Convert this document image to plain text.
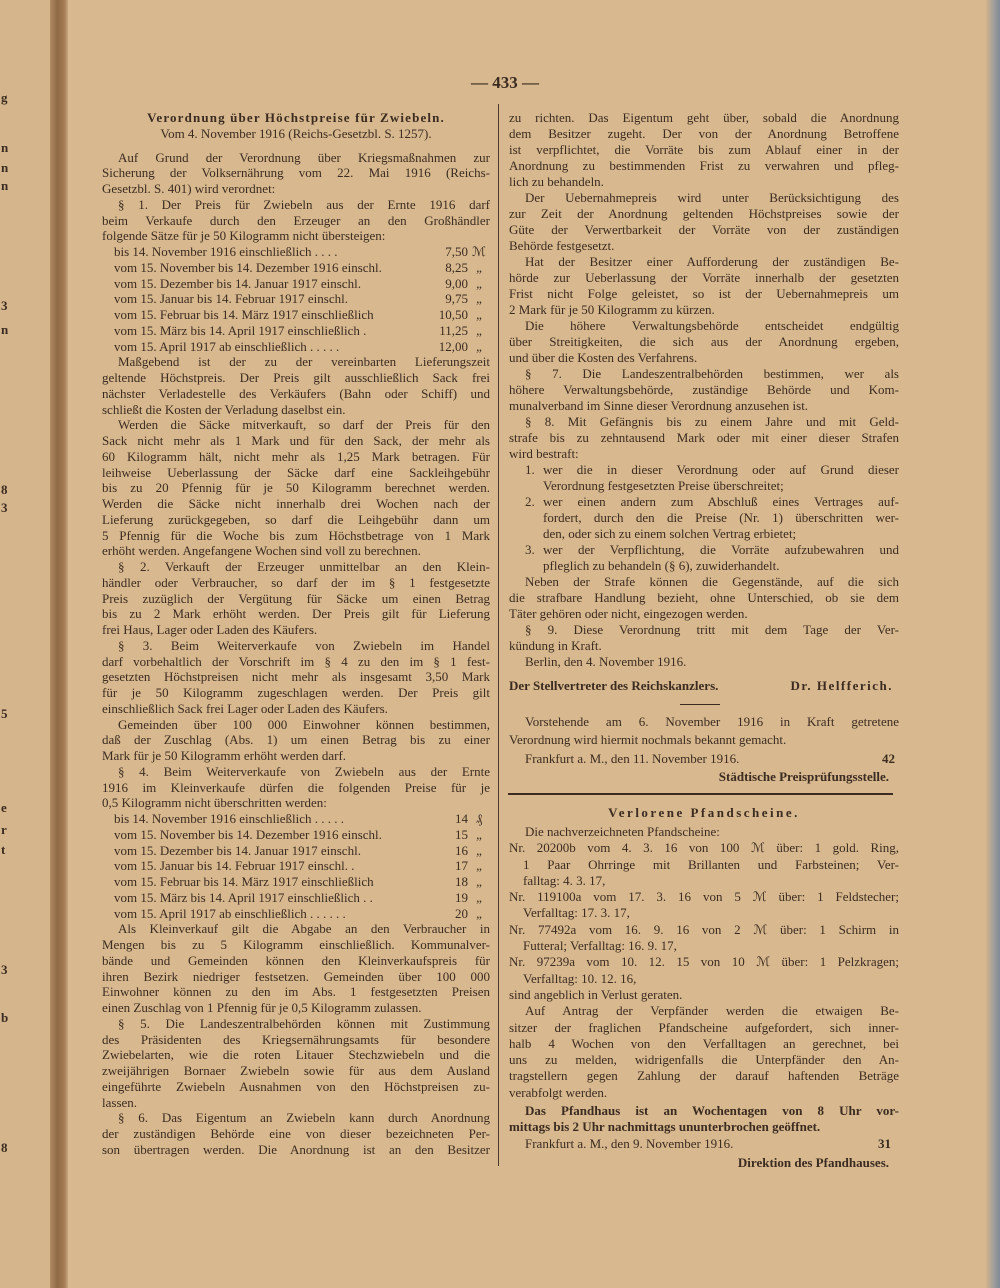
g
n
n
n
3
n
8
3
5
e
r
t
3
b
8
— 433 —
Verordnung über Höchstpreise für Zwiebeln.
Vom 4. November 1916 (Reichs-Gesetzbl. S. 1257).
Auf Grund der Verordnung über Kriegsmaßnahmen zur
Sicherung der Volksernährung vom 22. Mai 1916 (Reichs-
Gesetzbl. S. 401) wird verordnet:
§ 1. Der Preis für Zwiebeln aus der Ernte 1916 darf
beim Verkaufe durch den Erzeuger an den Großhändler
folgende Sätze für je 50 Kilogramm nicht übersteigen:
bis 14. November 1916 einschließlich . . . .	7,50 ℳ
vom 15. November bis 14. Dezember 1916 einschl.	8,25 „
vom 15. Dezember bis 14. Januar 1917 einschl.	9,00 „
vom 15. Januar bis 14. Februar 1917 einschl.	9,75 „
vom 15. Februar bis 14. März 1917 einschließlich	10,50 „
vom 15. März bis 14. April 1917 einschließlich .	11,25 „
vom 15. April 1917 ab einschließlich . . . . .	12,00 „
Maßgebend ist der zu der vereinbarten Lieferungszeit
geltende Höchstpreis. Der Preis gilt ausschließlich Sack frei
nächster Verladestelle des Verkäufers (Bahn oder Schiff) und
schließt die Kosten der Verladung daselbst ein.
Werden die Säcke mitverkauft, so darf der Preis für den
Sack nicht mehr als 1 Mark und für den Sack, der mehr als
60 Kilogramm hält, nicht mehr als 1,25 Mark betragen. Für
leihweise Ueberlassung der Säcke darf eine Sackleihgebühr
bis zu 20 Pfennig für je 50 Kilogramm berechnet werden.
Werden die Säcke nicht innerhalb drei Wochen nach der
Lieferung zurückgegeben, so darf die Leihgebühr dann um
5 Pfennig für die Woche bis zum Höchstbetrage von 1 Mark
erhöht werden. Angefangene Wochen sind voll zu berechnen.
§ 2. Verkauft der Erzeuger unmittelbar an den Klein-
händler oder Verbraucher, so darf der im § 1 festgesetzte
Preis zuzüglich der Vergütung für Säcke um einen Betrag
bis zu 2 Mark erhöht werden. Der Preis gilt für Lieferung
frei Haus, Lager oder Laden des Käufers.
§ 3. Beim Weiterverkaufe von Zwiebeln im Handel
darf vorbehaltlich der Vorschrift im § 4 zu den im § 1 fest-
gesetzten Höchstpreisen nicht mehr als insgesamt 3,50 Mark
für je 50 Kilogramm zugeschlagen werden. Der Preis gilt
einschließlich Sack frei Lager oder Laden des Käufers.
Gemeinden über 100 000 Einwohner können bestimmen,
daß der Zuschlag (Abs. 1) um einen Betrag bis zu einer
Mark für je 50 Kilogramm erhöht werden darf.
§ 4. Beim Weiterverkaufe von Zwiebeln aus der Ernte
1916 im Kleinverkaufe dürfen die folgenden Preise für je
0,5 Kilogramm nicht überschritten werden:
bis 14. November 1916 einschließlich . . . . .	14 ₰
vom 15. November bis 14. Dezember 1916 einschl.	15 „
vom 15. Dezember bis 14. Januar 1917 einschl.	16 „
vom 15. Januar bis 14. Februar 1917 einschl. .	17 „
vom 15. Februar bis 14. März 1917 einschließlich	18 „
vom 15. März bis 14. April 1917 einschließlich . .	19 „
vom 15. April 1917 ab einschließlich . . . . . .	20 „
Als Kleinverkauf gilt die Abgabe an den Verbraucher in
Mengen bis zu 5 Kilogramm einschließlich. Kommunalver-
bände und Gemeinden können den Kleinverkaufspreis für
ihren Bezirk niedriger festsetzen. Gemeinden über 100 000
Einwohner können zu den im Abs. 1 festgesetzten Preisen
einen Zuschlag von 1 Pfennig für je 0,5 Kilogramm zulassen.
§ 5. Die Landeszentralbehörden können mit Zustimmung
des Präsidenten des Kriegsernährungsamts für besondere
Zwiebelarten, wie die roten Litauer Stechzwiebeln und die
zweijährigen Bornaer Zwiebeln sowie für aus dem Ausland
eingeführte Zwiebeln Ausnahmen von den Höchstpreisen zu-
lassen.
§ 6. Das Eigentum an Zwiebeln kann durch Anordnung
der zuständigen Behörde eine von dieser bezeichneten Per-
son übertragen werden. Die Anordnung ist an den Besitzer
zu richten. Das Eigentum geht über, sobald die Anordnung
dem Besitzer zugeht. Der von der Anordnung Betroffene
ist verpflichtet, die Vorräte bis zum Ablauf einer in der
Anordnung zu bestimmenden Frist zu verwahren und pfleg-
lich zu behandeln.
Der Uebernahmepreis wird unter Berücksichtigung des
zur Zeit der Anordnung geltenden Höchstpreises sowie der
Güte der Verwertbarkeit der Vorräte von der zuständigen
Behörde festgesetzt.
Hat der Besitzer einer Aufforderung der zuständigen Be-
hörde zur Ueberlassung der Vorräte innerhalb der gesetzten
Frist nicht Folge geleistet, so ist der Uebernahmepreis um
2 Mark für je 50 Kilogramm zu kürzen.
Die höhere Verwaltungsbehörde entscheidet endgültig
über Streitigkeiten, die sich aus der Anordnung ergeben,
und über die Kosten des Verfahrens.
§ 7. Die Landeszentralbehörden bestimmen, wer als
höhere Verwaltungsbehörde, zuständige Behörde und Kom-
munalverband im Sinne dieser Verordnung anzusehen ist.
§ 8. Mit Gefängnis bis zu einem Jahre und mit Geld-
strafe bis zu zehntausend Mark oder mit einer dieser Strafen
wird bestraft:
1. wer die in dieser Verordnung oder auf Grund dieser
Verordnung festgesetzten Preise überschreitet;
2. wer einen andern zum Abschluß eines Vertrages auf-
fordert, durch den die Preise (Nr. 1) überschritten wer-
den, oder sich zu einem solchen Vertrag erbietet;
3. wer der Verpflichtung, die Vorräte aufzubewahren und
pfleglich zu behandeln (§ 6), zuwiderhandelt.
Neben der Strafe können die Gegenstände, auf die sich
die strafbare Handlung bezieht, ohne Unterschied, ob sie dem
Täter gehören oder nicht, eingezogen werden.
§ 9. Diese Verordnung tritt mit dem Tage der Ver-
kündung in Kraft.
Berlin, den 4. November 1916.
Der Stellvertreter des Reichskanzlers.	Dr. Helfferich.
Vorstehende am 6. November 1916 in Kraft getretene
Verordnung wird hiermit nochmals bekannt gemacht.
Frankfurt a. M., den 11. November 1916.	42
Städtische Preisprüfungsstelle.
Verlorene Pfandscheine.
Die nachverzeichneten Pfandscheine:
Nr. 20200b vom 4. 3. 16 von 100 ℳ über: 1 gold. Ring,
1 Paar Ohrringe mit Brillanten und Farbsteinen; Ver-
falltag: 4. 3. 17,
Nr. 119100a vom 17. 3. 16 von 5 ℳ über: 1 Feldstecher;
Verfalltag: 17. 3. 17,
Nr. 77492a vom 16. 9. 16 von 2 ℳ über: 1 Schirm in
Futteral; Verfalltag: 16. 9. 17,
Nr. 97239a vom 10. 12. 15 von 10 ℳ über: 1 Pelzkragen;
Verfalltag: 10. 12. 16,
sind angeblich in Verlust geraten.
Auf Antrag der Verpfänder werden die etwaigen Be-
sitzer der fraglichen Pfandscheine aufgefordert, sich inner-
halb 4 Wochen von den Verfalltagen an gerechnet, bei
uns zu melden, widrigenfalls die Unterpfänder den An-
tragstellern gegen Zahlung der darauf haftenden Beträge
verabfolgt werden.
Das Pfandhaus ist an Wochentagen von 8 Uhr vor-
mittags bis 2 Uhr nachmittags ununterbrochen geöffnet.
Frankfurt a. M., den 9. November 1916.	31
Direktion des Pfandhauses.
